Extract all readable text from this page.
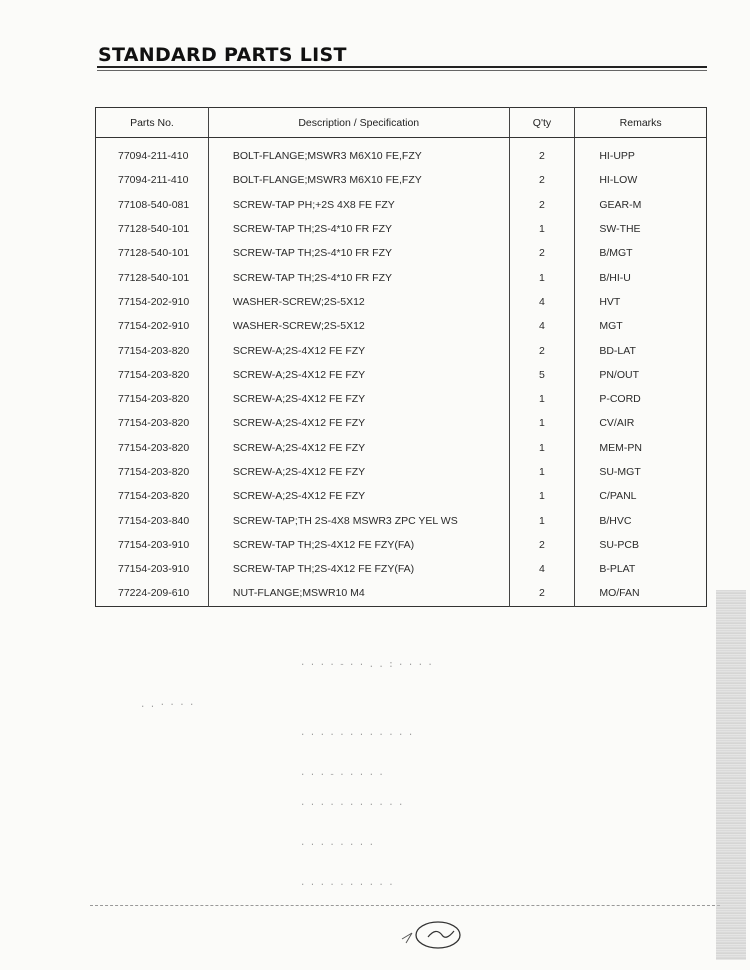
STANDARD PARTS LIST
Parts No.	Description / Specification	Q'ty	Remarks
77094-211-410	BOLT-FLANGE;MSWR3 M6X10 FE,FZY	2	HI-UPP
77094-211-410	BOLT-FLANGE;MSWR3 M6X10 FE,FZY	2	HI-LOW
77108-540-081	SCREW-TAP PH;+2S 4X8 FE FZY	2	GEAR-M
77128-540-101	SCREW-TAP TH;2S-4*10 FR FZY	1	SW-THE
77128-540-101	SCREW-TAP TH;2S-4*10 FR FZY	2	B/MGT
77128-540-101	SCREW-TAP TH;2S-4*10 FR FZY	1	B/HI-U
77154-202-910	WASHER-SCREW;2S-5X12	4	HVT
77154-202-910	WASHER-SCREW;2S-5X12	4	MGT
77154-203-820	SCREW-A;2S-4X12 FE FZY	2	BD-LAT
77154-203-820	SCREW-A;2S-4X12 FE FZY	5	PN/OUT
77154-203-820	SCREW-A;2S-4X12 FE FZY	1	P-CORD
77154-203-820	SCREW-A;2S-4X12 FE FZY	1	CV/AIR
77154-203-820	SCREW-A;2S-4X12 FE FZY	1	MEM-PN
77154-203-820	SCREW-A;2S-4X12 FE FZY	1	SU-MGT
77154-203-820	SCREW-A;2S-4X12 FE FZY	1	C/PANL
77154-203-840	SCREW-TAP;TH 2S-4X8 MSWR3 ZPC YEL WS	1	B/HVC
77154-203-910	SCREW-TAP TH;2S-4X12 FE FZY(FA)	2	SU-PCB
77154-203-910	SCREW-TAP TH;2S-4X12 FE FZY(FA)	4	B-PLAT
77224-209-610	NUT-FLANGE;MSWR10 M4	2	MO/FAN
· · · · - · · . . : · · · ·
. . · · · ·
· · · · · · · · · · · ·
· · · - · · · · ·
· · · · · · · · · · ·
· · · · · · · ·
· · · · · · · · · ·
